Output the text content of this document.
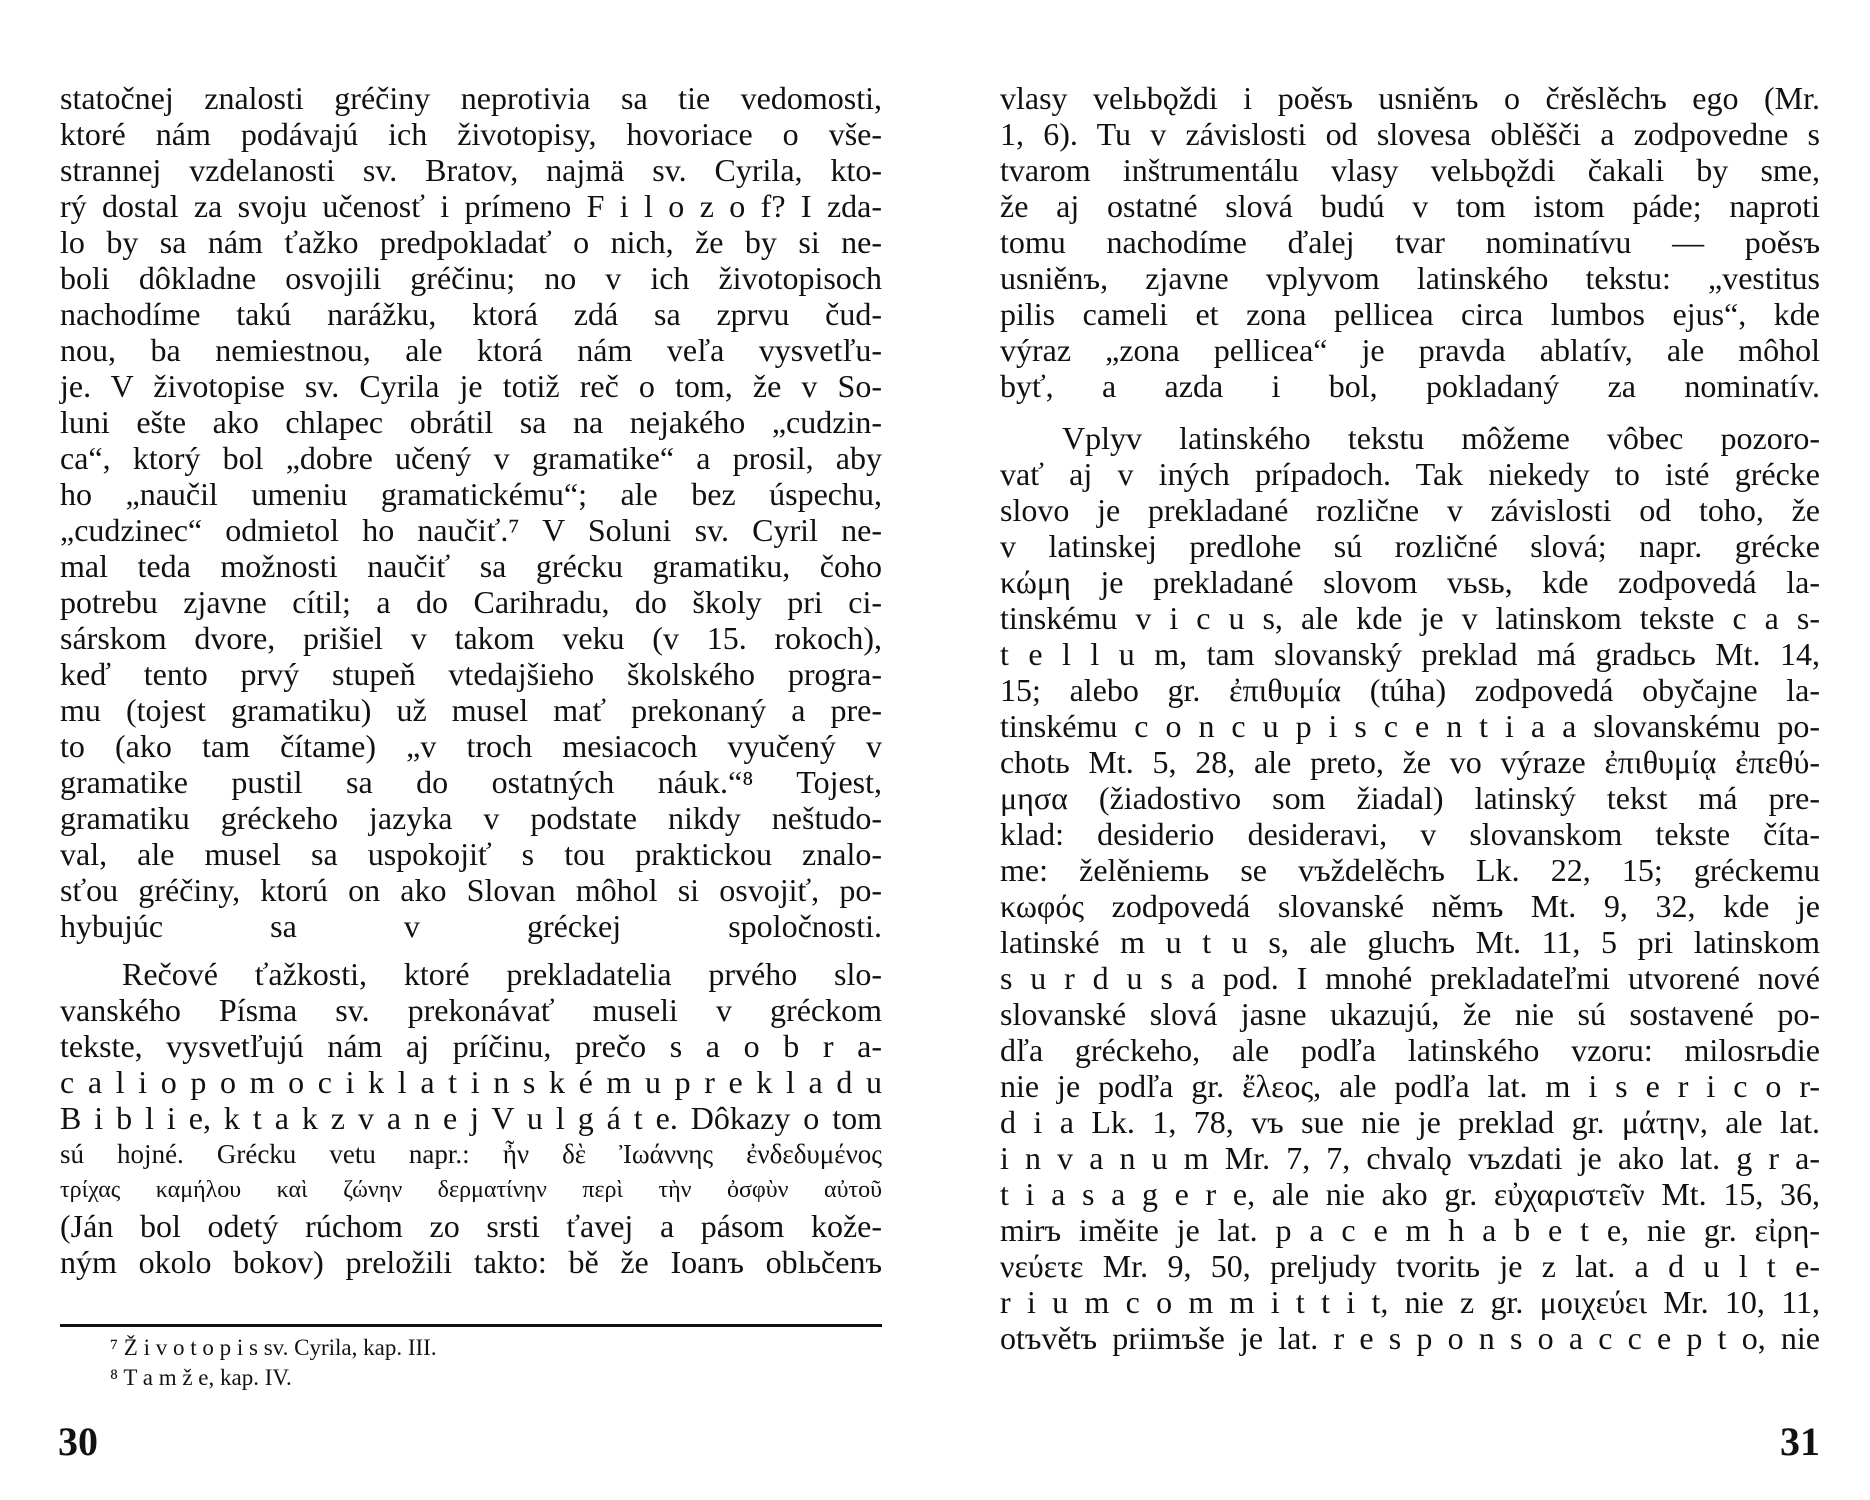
statočnej znalosti gréčiny neprotivia sa tie vedomosti,
ktoré nám podávajú ich životopisy, hovoriace o vše-
strannej vzdelanosti sv. Bratov, najmä sv. Cyrila, kto-
rý dostal za svoju učenosť i prímeno F i l o z o f? I zda-
lo by sa nám ťažko predpokladať o nich, že by si ne-
boli dôkladne osvojili gréčinu; no v ich životopisoch
nachodíme takú narážku, ktorá zdá sa zprvu čud-
nou, ba nemiestnou, ale ktorá nám veľa vysvetľu-
je. V životopise sv. Cyrila je totiž reč o tom, že v So-
luni ešte ako chlapec obrátil sa na nejakého „cudzin-
ca“, ktorý bol „dobre učený v gramatike“ a prosil, aby
ho „naučil umeniu gramatickému“; ale bez úspechu,
„cudzinec“ odmietol ho naučiť.⁷ V Soluni sv. Cyril ne-
mal teda možnosti naučiť sa grécku gramatiku, čoho
potrebu zjavne cítil; a do Carihradu, do školy pri ci-
sárskom dvore, prišiel v takom veku (v 15. rokoch),
keď tento prvý stupeň vtedajšieho školského progra-
mu (tojest gramatiku) už musel mať prekonaný a pre-
to (ako tam čítame) „v troch mesiacoch vyučený v
gramatike pustil sa do ostatných náuk.“⁸ Tojest,
gramatiku gréckeho jazyka v podstate nikdy neštudo-
val, ale musel sa uspokojiť s tou praktickou znalo-
sťou gréčiny, ktorú on ako Slovan môhol si osvojiť, po-
hybujúc sa v gréckej spoločnosti.
Rečové ťažkosti, ktoré prekladatelia prvého slo-
vanského Písma sv. prekonávať museli v gréckom
tekste, vysvetľujú nám aj príčinu, prečo s a o b r a-
c a l i o p o m o c i k l a t i n s k é m u p r e k l a d u
B i b l i e, k t a k z v a n e j V u l g á t e. Dôkazy o tom
sú hojné. Grécku vetu napr.: ἦν δὲ Ἰωάννης ἐνδεδυμένος
τρίχας καμήλου καὶ ζώνην δερματίνην περὶ τὴν ὀσφὺν αὐτοῦ
(Ján bol odetý rúchom zo srsti ťavej a pásom kože-
ným okolo bokov) preložili takto: bě že Ioanъ oblьčenъ
⁷ Ž i v o t o p i s sv. Cyrila, kap. III.
⁸ T a m ž e, kap. IV.
30
vlasy velьbǫždi i poěsъ usniěnъ o črěslěchъ ego (Mr.
1, 6). Tu v závislosti od slovesa oblěšči a zodpovedne s
tvarom inštrumentálu vlasy velьbǫždi čakali by sme,
že aj ostatné slová budú v tom istom páde; naproti
tomu nachodíme ďalej tvar nominatívu — poěsъ
usniěnъ, zjavne vplyvom latinského tekstu: „vestitus
pilis cameli et zona pellicea circa lumbos ejus“, kde
výraz „zona pellicea“ je pravda ablatív, ale môhol
byť, a azda i bol, pokladaný za nominatív.
Vplyv latinského tekstu môžeme vôbec pozoro-
vať aj v iných prípadoch. Tak niekedy to isté grécke
slovo je prekladané rozlične v závislosti od toho, že
v latinskej predlohe sú rozličné slová; napr. grécke
κώμη je prekladané slovom vьsь, kde zodpovedá la-
tinskému v i c u s, ale kde je v latinskom tekste c a s-
t e l l u m, tam slovanský preklad má gradьcь Mt. 14,
15; alebo gr. ἐπιθυμία (túha) zodpovedá obyčajne la-
tinskému c o n c u p i s c e n t i a a slovanskému po-
chotь Mt. 5, 28, ale preto, že vo výraze ἐπιθυμίᾳ ἐπεθύ-
μησα (žiadostivo som žiadal) latinský tekst má pre-
klad: desiderio desideravi, v slovanskom tekste číta-
me: želěniemь se vъždelěchъ Lk. 22, 15; gréckemu
κωφός zodpovedá slovanské němъ Mt. 9, 32, kde je
latinské m u t u s, ale gluchъ Mt. 11, 5 pri latinskom
s u r d u s a pod. I mnohé prekladateľmi utvorené nové
slovanské slová jasne ukazujú, že nie sú sostavené po-
dľa gréckeho, ale podľa latinského vzoru: milosrьdie
nie je podľa gr. ἔλεος, ale podľa lat. m i s e r i c o r-
d i a Lk. 1, 78, vъ sue nie je preklad gr. μάτην, ale lat.
i n v a n u m Mr. 7, 7, chvalǫ vъzdati je ako lat. g r a-
t i a s a g e r e, ale nie ako gr. εὐχαριστεῖν Mt. 15, 36,
mirъ iměite je lat. p a c e m h a b e t e, nie gr. εἰρη-
νεύετε Mr. 9, 50, preljudy tvoritь je z lat. a d u l t e-
r i u m c o m m i t t i t, nie z gr. μοιχεύει Mr. 10, 11,
otъvětъ priimъše je lat. r e s p o n s o a c c e p t o, nie
31
